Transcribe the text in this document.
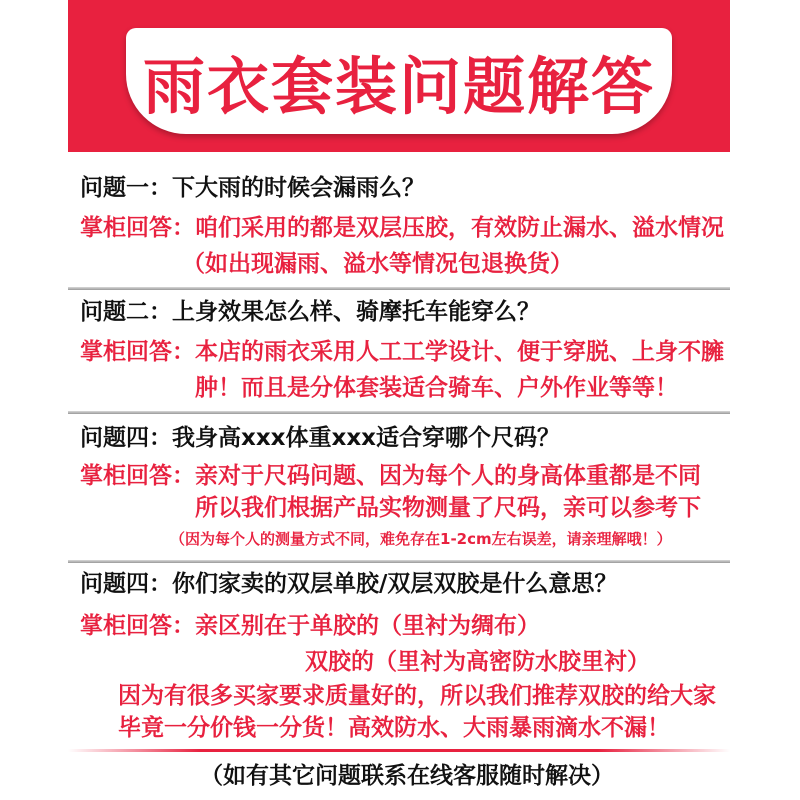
雨衣套装问题解答
问题一：下大雨的时候会漏雨么？
掌柜回答：咱们采用的都是双层压胶，有效防止漏水、溢水情况
（如出现漏雨、溢水等情况包退换货）
问题二：上身效果怎么样、骑摩托车能穿么？
掌柜回答：本店的雨衣采用人工工学设计、便于穿脱、上身不臃
肿！而且是分体套装适合骑车、户外作业等等！
问题四：我身高xxx体重xxx适合穿哪个尺码？
掌柜回答：亲对于尺码问题、因为每个人的身高体重都是不同
所以我们根据产品实物测量了尺码，亲可以参考下
（因为每个人的测量方式不同，难免存在1-2cm左右误差，请亲理解哦！）
问题四：你们家卖的双层单胶/双层双胶是什么意思？
掌柜回答：亲区别在于单胶的（里衬为绸布）
双胶的（里衬为高密防水胶里衬）
因为有很多买家要求质量好的，所以我们推荐双胶的给大家
毕竟一分价钱一分货！高效防水、大雨暴雨滴水不漏！
（如有其它问题联系在线客服随时解决）
